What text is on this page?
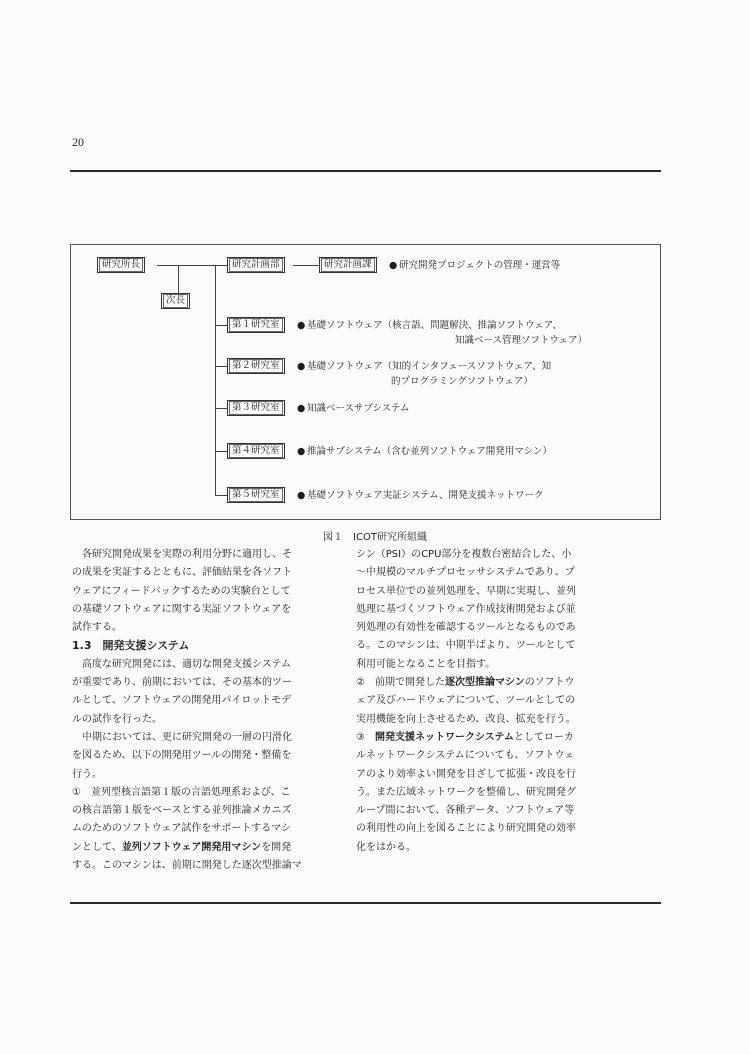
20
研究所長
次長
研究計画部	研究計画課	● 研究開発プロジェクトの管理・運営等
第１研究室	● 基礎ソフトウェア（核言語、問題解決、推論ソフトウェア、
知識ベース管理ソフトウェア）
第２研究室	● 基礎ソフトウェア（知的インタフェースソフトウェア、知
的プログラミングソフトウェア）
第３研究室	● 知識ベースサブシステム
第４研究室	● 推論サブシステム（含む並列ソフトウェア開発用マシン）
第５研究室	● 基礎ソフトウェア実証システム、開発支援ネットワーク
図１　ICOT研究所組織

　各研究開発成果を実際の利用分野に適用し、そ

の成果を実証するとともに、評価結果を各ソフト

ウェアにフィードバックするための実験台として

の基礎ソフトウェアに関する実証ソフトウェアを

試作する。

1.3　開発支援システム

　高度な研究開発には、適切な開発支援システム

が重要であり、前期においては、その基本的ツー

ルとして、ソフトウェアの開発用パイロットモデ

ルの試作を行った。

　中期においては、更に研究開発の一層の円滑化

を図るため、以下の開発用ツールの開発・整備を

行う。

①　並列型核言語第１版の言語処理系および、こ

の核言語第１版をベースとする並列推論メカニズ

ムのためのソフトウェア試作をサポートするマシ

ンとして、並列ソフトウェア開発用マシンを開発

する。このマシンは、前期に開発した逐次型推論マ

シン（PSI）のCPU部分を複数台密結合した、小

～中規模のマルチプロセッサシステムであり、プ

ロセス単位での並列処理を、早期に実現し、並列

処理に基づくソフトウェア作成技術開発および並

列処理の有効性を確認するツールとなるものであ

る。このマシンは、中期半ばより、ツールとして

利用可能となることを目指す。

②　前期で開発した逐次型推論マシンのソフトウ

ェア及びハードウェアについて、ツールとしての

実用機能を向上させるため、改良、拡充を行う。

③　開発支援ネットワークシステムとしてローカ

ルネットワークシステムについても、ソフトウェ

アのより効率よい開発を目ざして拡張・改良を行

う。また広域ネットワークを整備し、研究開発グ

ループ間において、各種データ、ソフトウェア等

の利用性の向上を図ることにより研究開発の効率

化をはかる。
